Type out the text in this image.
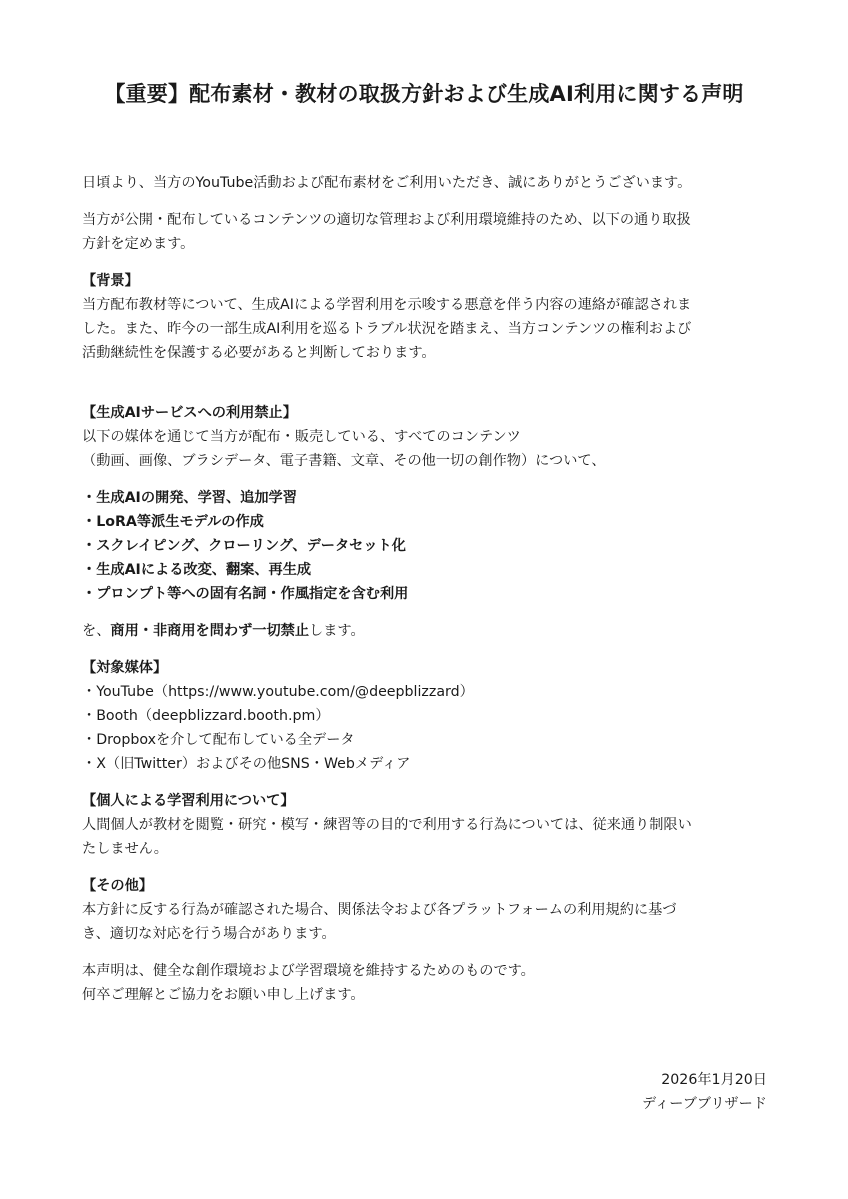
【重要】配布素材・教材の取扱方針および生成AI利用に関する声明

日頃より、当方のYouTube活動および配布素材をご利用いただき、誠にありがとうございます。

当方が公開・配布しているコンテンツの適切な管理および利用環境維持のため、以下の通り取扱

方針を定めます。

【背景】

当方配布教材等について、生成AIによる学習利用を示唆する悪意を伴う内容の連絡が確認されま

した。また、昨今の一部生成AI利用を巡るトラブル状況を踏まえ、当方コンテンツの権利および

活動継続性を保護する必要があると判断しております。

【生成AIサービスへの利用禁止】

以下の媒体を通じて当方が配布・販売している、すべてのコンテンツ

（動画、画像、ブラシデータ、電子書籍、文章、その他一切の創作物）について、

・生成AIの開発、学習、追加学習

・LoRA等派生モデルの作成

・スクレイピング、クローリング、データセット化

・生成AIによる改変、翻案、再生成

・プロンプト等への固有名詞・作風指定を含む利用

を、商用・非商用を問わず一切禁止します。

【対象媒体】

・YouTube（https://www.youtube.com/@deepblizzard）

・Booth（deepblizzard.booth.pm）

・Dropboxを介して配布している全データ

・X（旧Twitter）およびその他SNS・Webメディア

【個人による学習利用について】

人間個人が教材を閲覧・研究・模写・練習等の目的で利用する行為については、従来通り制限い

たしません。

【その他】

本方針に反する行為が確認された場合、関係法令および各プラットフォームの利用規約に基づ

き、適切な対応を行う場合があります。

本声明は、健全な創作環境および学習環境を維持するためのものです。

何卒ご理解とご協力をお願い申し上げます。

2026年1月20日

ディーブブリザード
